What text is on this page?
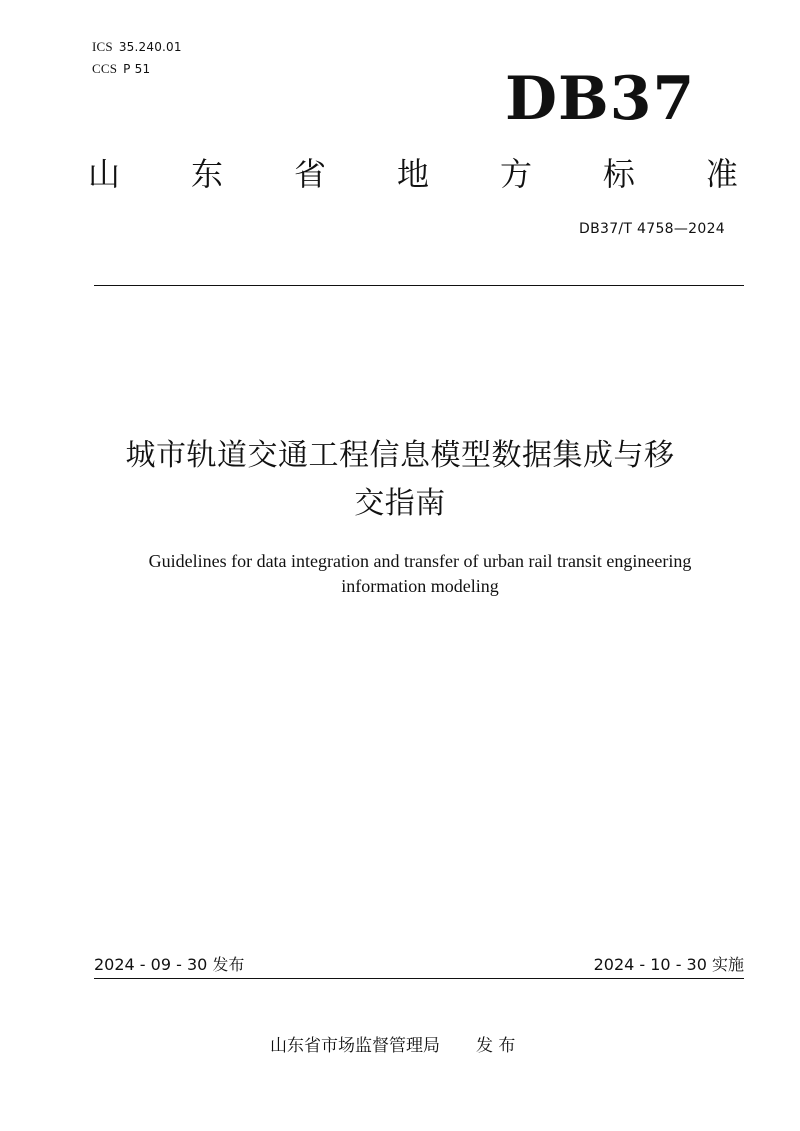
ICS 35.240.01
CCS P 51	DB37
山 东 省 地 方 标 准
DB37/T 4758—2024
城市轨道交通工程信息模型数据集成与移
交指南
Guidelines for data integration and transfer of urban rail transit engineering
information modeling
2024 - 09 - 30 发布	2024 - 10 - 30 实施
山东省市场监督管理局 发 布
